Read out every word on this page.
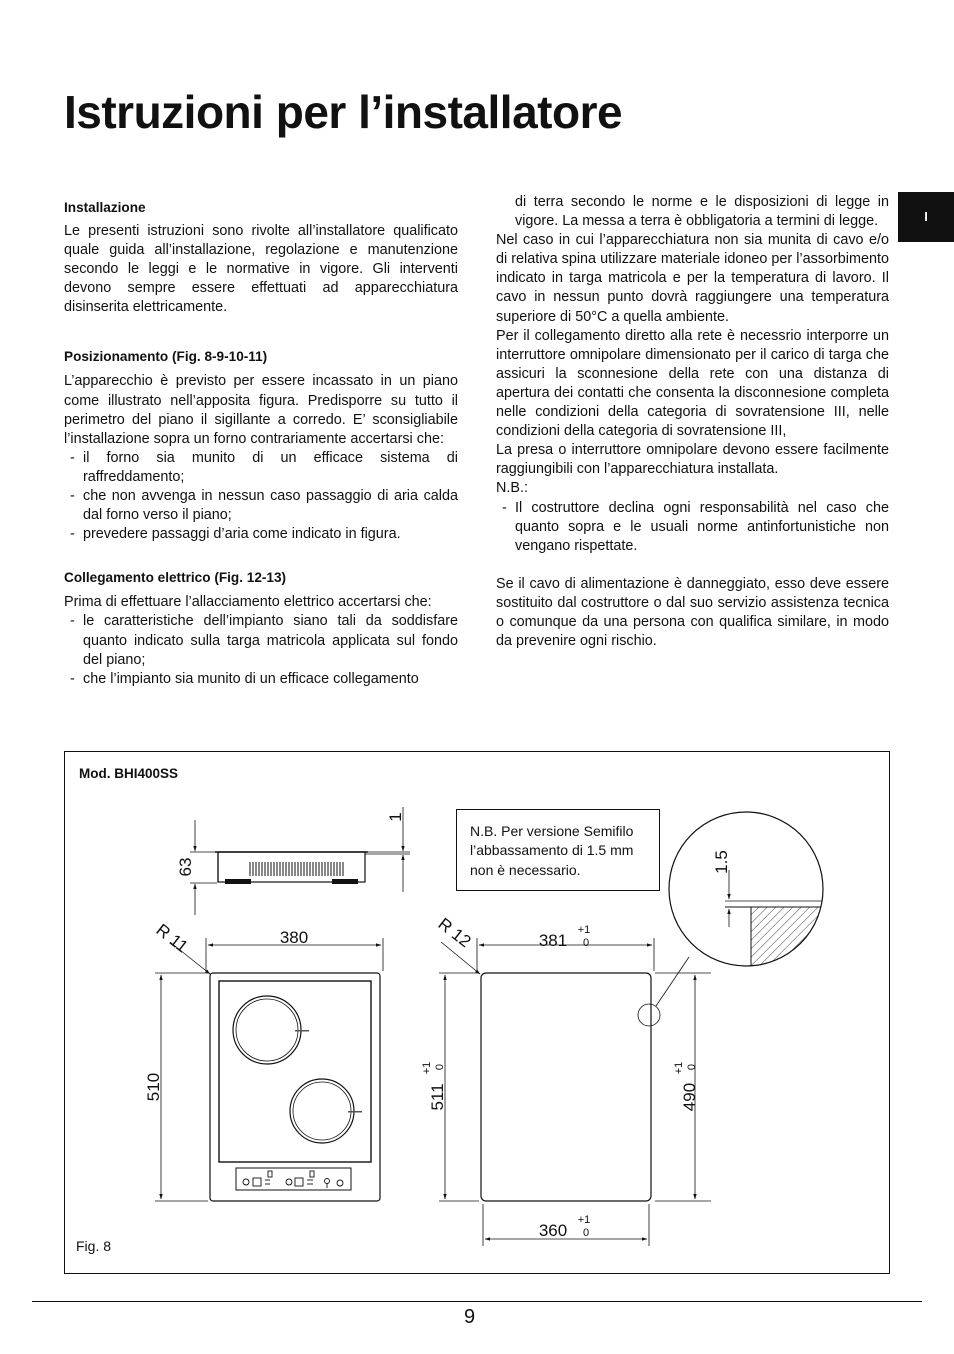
Istruzioni per l’installatore
I
Installazione

Le presenti istruzioni sono rivolte all’installatore qualificato quale guida all’installazione, regolazione e manutenzione secondo le leggi e le normative in vigore. Gli interventi devono sempre essere effettuati ad apparecchiatura disinserita elettricamente.

Posizionamento (Fig. 8-9-10-11)

L’apparecchio è previsto per essere incassato in un piano come illustrato nell’apposita figura. Predisporre su tutto il perimetro del piano il sigillante a corredo. E’ sconsigliabile l’installazione sopra un forno contrariamente accertarsi che:

- il forno sia munito di un efficace sistema di raffreddamento;
- che non avvenga in nessun caso passaggio di aria calda dal forno verso il piano;
- prevedere passaggi d’aria come indicato in figura.
Collegamento elettrico (Fig. 12-13)

Prima di effettuare l’allacciamento elettrico accertarsi che:

- le caratteristiche dell’impianto siano tali da soddisfare quanto indicato sulla targa matricola applicata sul fondo del piano;
- che l’impianto sia munito di un efficace collegamento

di terra secondo le norme e le disposizioni di legge in vigore. La messa a terra è obbligatoria a termini di legge.

Nel caso in cui l’apparecchiatura non sia munita di cavo e/o di relativa spina utilizzare materiale idoneo per l’assorbimento indicato in targa matricola e per la temperatura di lavoro. Il cavo in nessun punto dovrà raggiungere una temperatura superiore di 50°C a quella ambiente.

Per il collegamento diretto alla rete è necessrio interporre un interruttore omnipolare dimensionato per il carico di targa che assicuri la sconnesione della rete con una distanza di apertura dei contatti che consenta la disconnesione completa nelle condizioni della categoria di sovratensione III, nelle condizioni della categoria di sovratensione III,

La presa o interruttore omnipolare devono essere facilmente raggiungibili con l’apparecchiatura installata.

N.B.:

- Il costruttore declina ogni responsabilità nel caso che quanto sopra e le usuali norme antinfortunistiche non vengano rispettate.

Se il cavo di alimentazione è danneggiato, esso deve essere sostituito dal costruttore o dal suo servizio assistenza tecnica o comunque da una persona con qualifica similare, in modo da prevenire ogni rischio.

Mod. BHI400SS
N.B. Per versione Semifilo l’abbassamento di 1.5 mm non è necessario.
Fig. 8
63
1
380
510
R 11	381
+1
0
511
+1 0
490
+1 0
360
+1
0
R 12
1.5
9
